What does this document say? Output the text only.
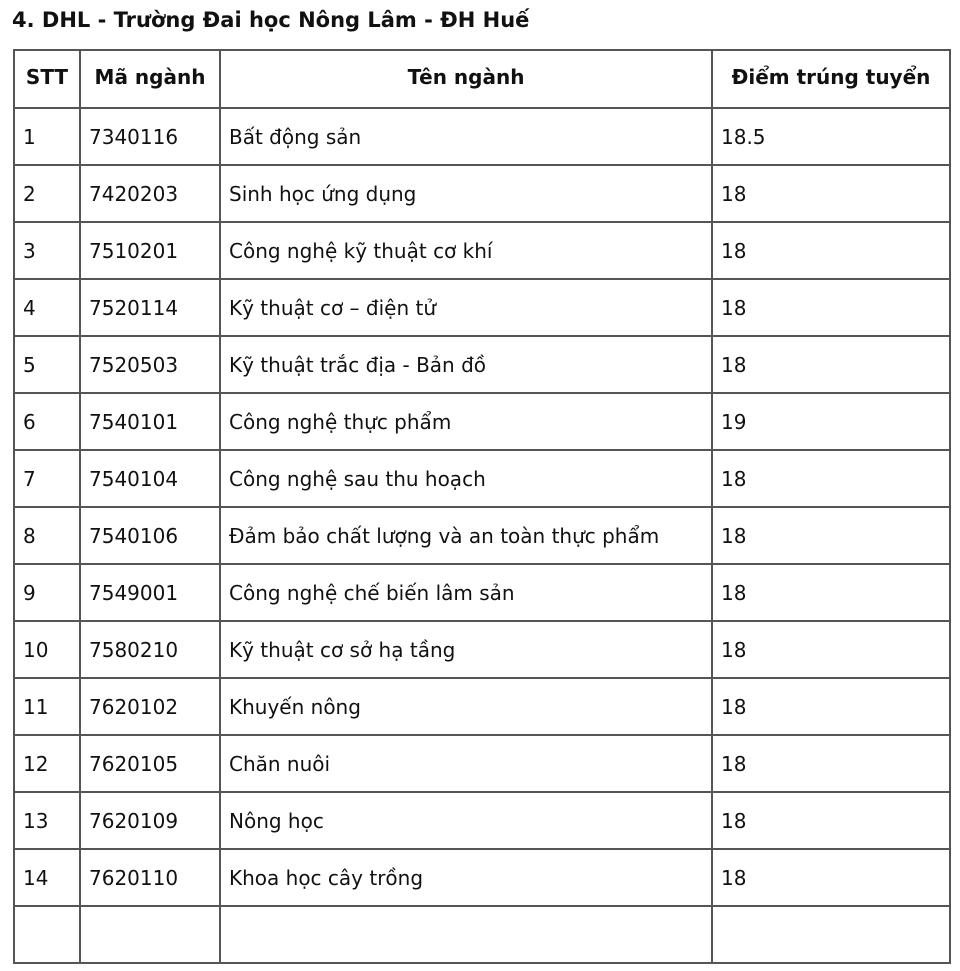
4. DHL - Trường Đai học Nông Lâm - ĐH Huế
STT	Mã ngành	Tên ngành	Điểm trúng tuyển
1	7340116	Bất động sản	18.5
2	7420203	Sinh học ứng dụng	18
3	7510201	Công nghệ kỹ thuật cơ khí	18
4	7520114	Kỹ thuật cơ – điện tử	18
5	7520503	Kỹ thuật trắc địa - Bản đồ	18
6	7540101	Công nghệ thực phẩm	19
7	7540104	Công nghệ sau thu hoạch	18
8	7540106	Đảm bảo chất lượng và an toàn thực phẩm	18
9	7549001	Công nghệ chế biến lâm sản	18
10	7580210	Kỹ thuật cơ sở hạ tầng	18
11	7620102	Khuyến nông	18
12	7620105	Chăn nuôi	18
13	7620109	Nông học	18
14	7620110	Khoa học cây trồng	18
